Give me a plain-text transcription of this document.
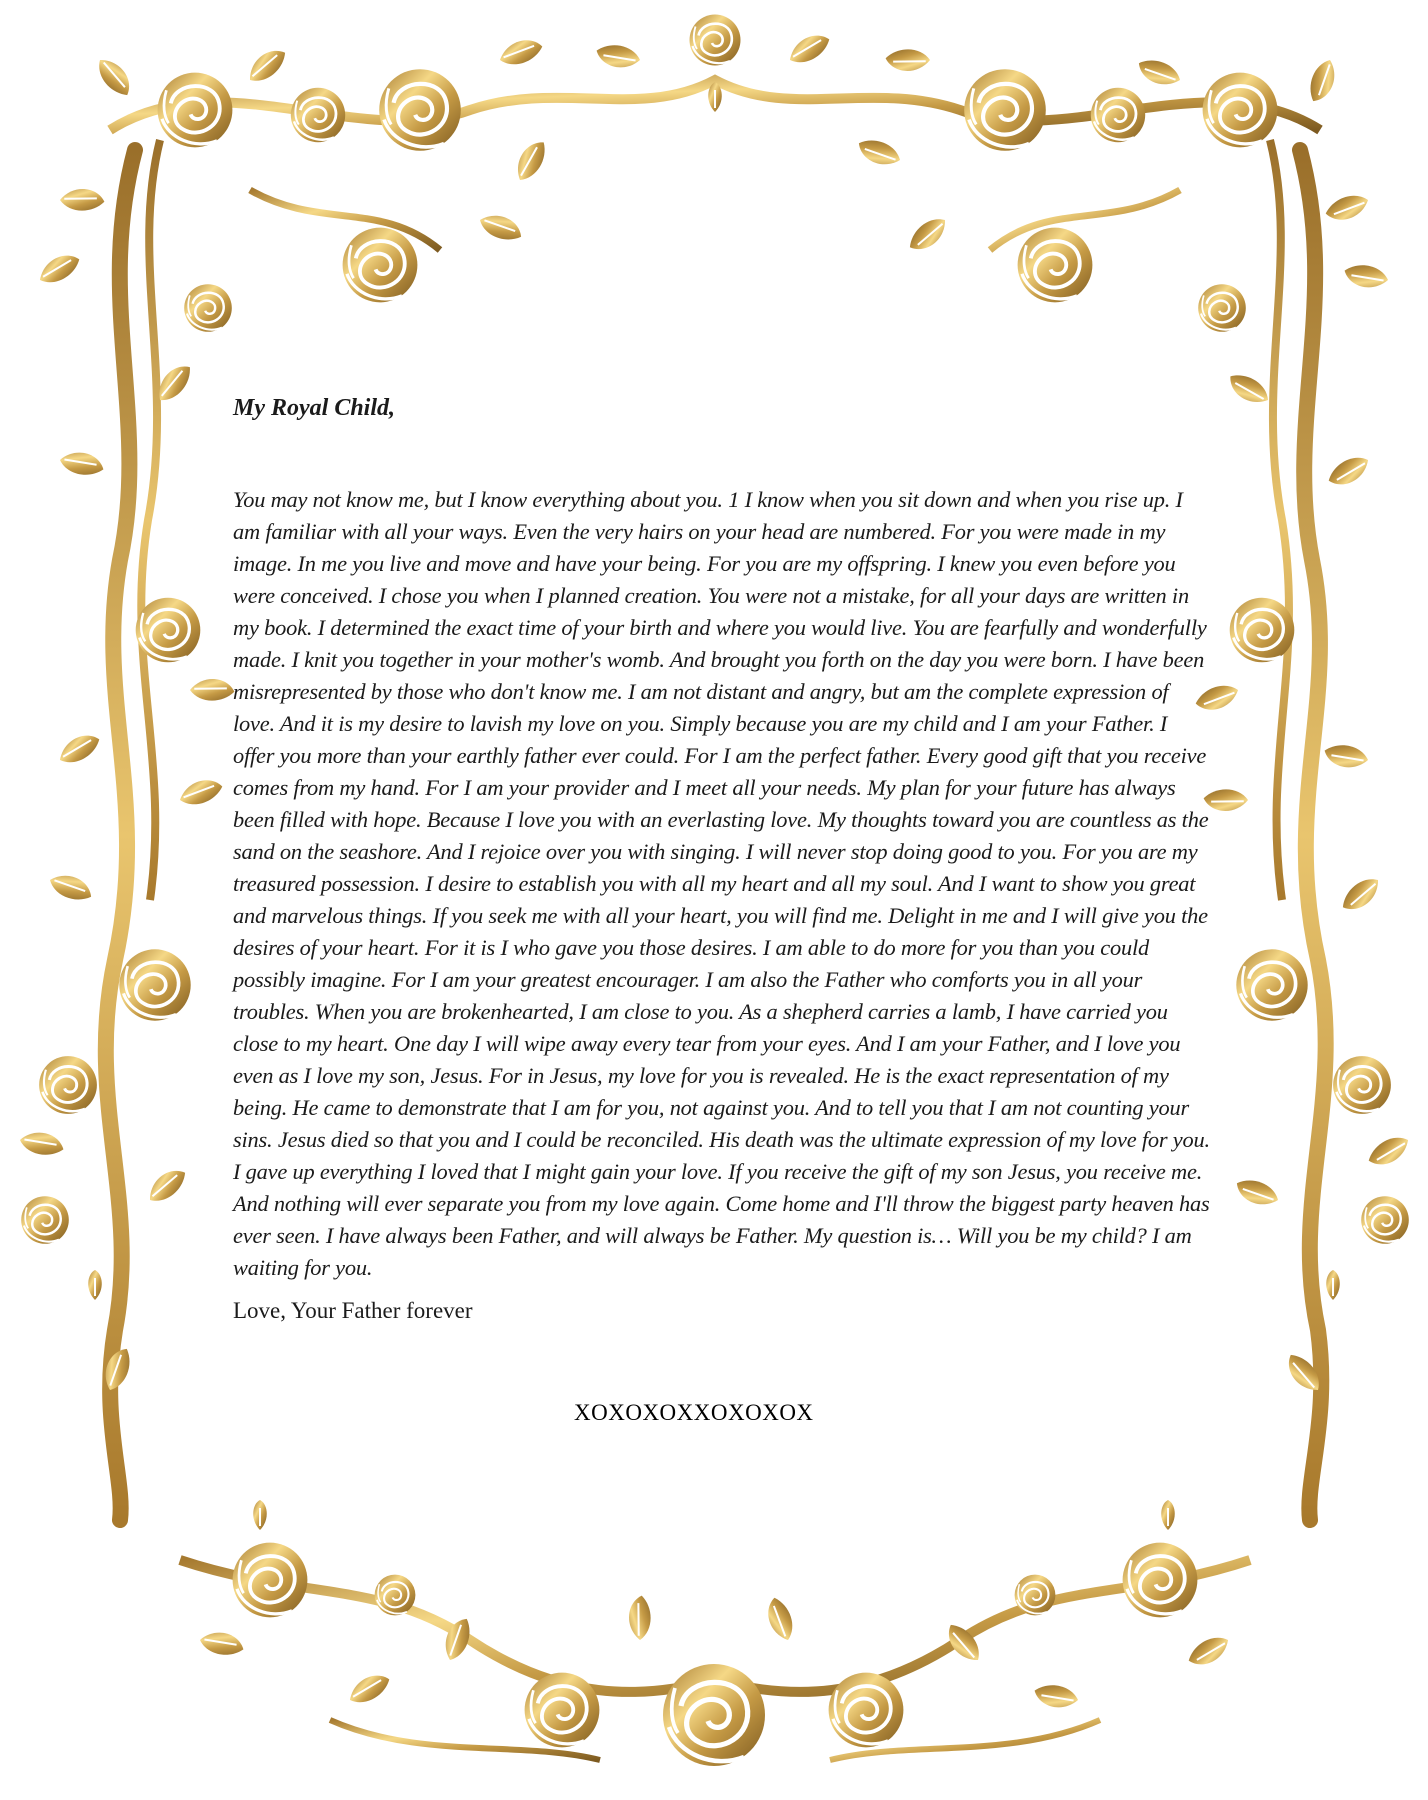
My Royal Child,

You may not know me, but I know everything about you. 1 I know when you sit down and when you rise up. I am familiar with all your ways. Even the very hairs on your head are numbered. For you were made in my image. In me you live and move and have your being. For you are my offspring. I knew you even before you were conceived. I chose you when I planned creation. You were not a mistake, for all your days are written in my book. I determined the exact time of your birth and where you would live. You are fearfully and wonderfully made. I knit you together in your mother's womb. And brought you forth on the day you were born. I have been misrepresented by those who don't know me. I am not distant and angry, but am the complete expression of love. And it is my desire to lavish my love on you. Simply because you are my child and I am your Father. I offer you more than your earthly father ever could. For I am the perfect father. Every good gift that you receive comes from my hand. For I am your provider and I meet all your needs. My plan for your future has always been filled with hope. Because I love you with an everlasting love. My thoughts toward you are countless as the sand on the seashore. And I rejoice over you with singing. I will never stop doing good to you. For you are my treasured possession. I desire to establish you with all my heart and all my soul. And I want to show you great and marvelous things. If you seek me with all your heart, you will find me. Delight in me and I will give you the desires of your heart. For it is I who gave you those desires. I am able to do more for you than you could possibly imagine. For I am your greatest encourager. I am also the Father who comforts you in all your troubles. When you are brokenhearted, I am close to you. As a shepherd carries a lamb, I have carried you close to my heart. One day I will wipe away every tear from your eyes. And I am your Father, and I love you even as I love my son, Jesus. For in Jesus, my love for you is revealed. He is the exact representation of my being. He came to demonstrate that I am for you, not against you. And to tell you that I am not counting your sins. Jesus died so that you and I could be reconciled. His death was the ultimate expression of my love for you. I gave up everything I loved that I might gain your love. If you receive the gift of my son Jesus, you receive me. And nothing will ever separate you from my love again. Come home and I'll throw the biggest party heaven has ever seen. I have always been Father, and will always be Father. My question is… Will you be my child? I am waiting for you.

Love, Your Father forever

XOXOXOXXOXOXOX
